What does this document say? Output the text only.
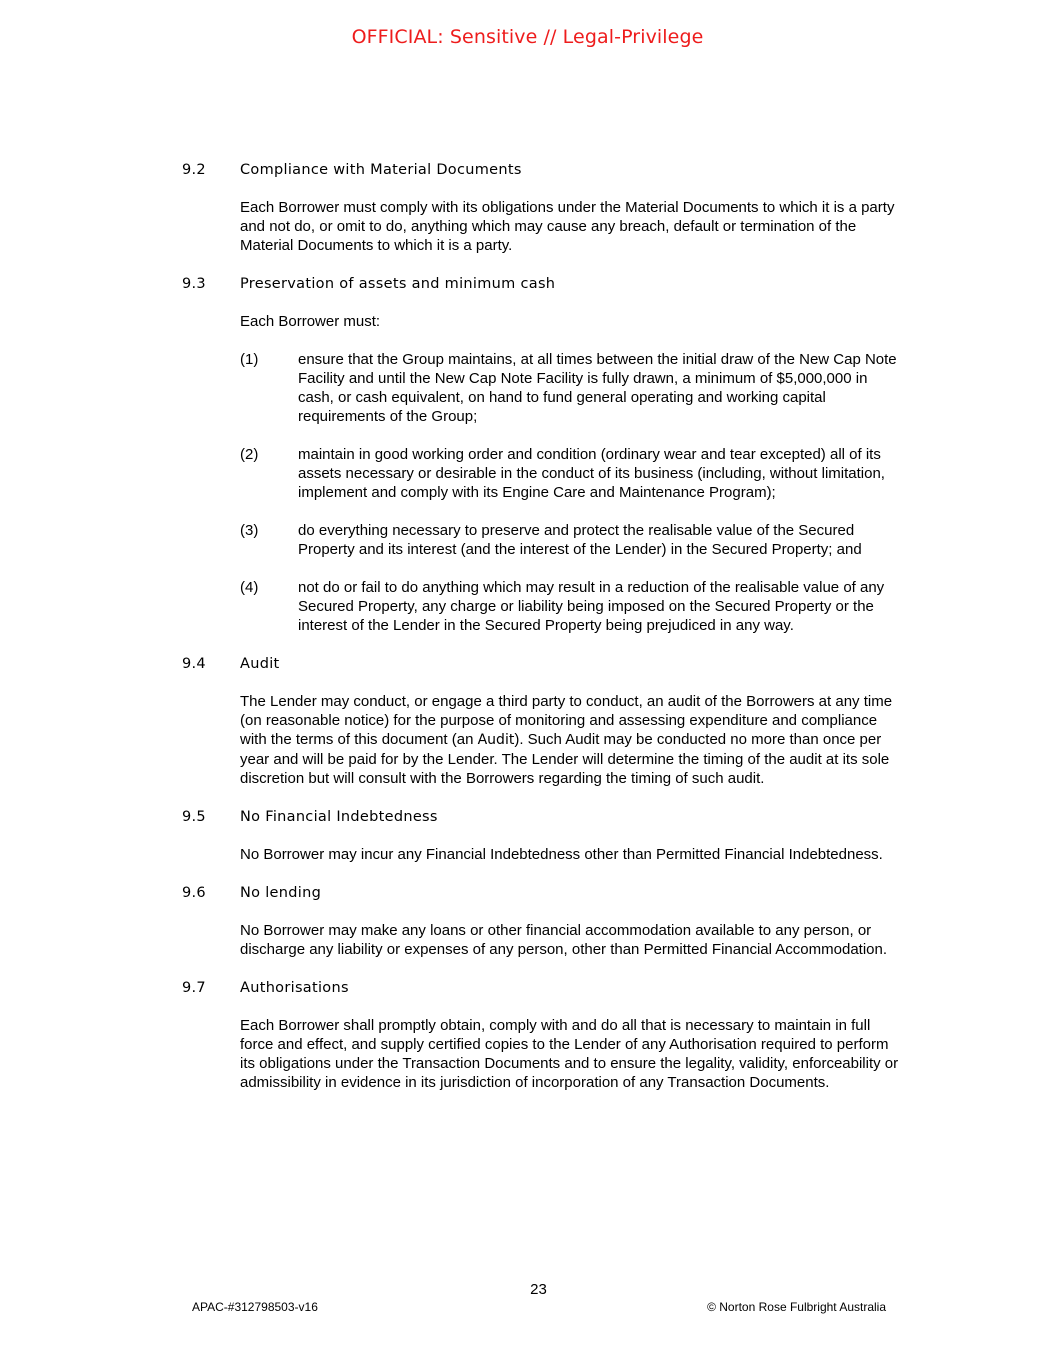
OFFICIAL: Sensitive // Legal-Privilege
9.2	Compliance with Material Documents
Each Borrower must comply with its obligations under the Material Documents to which it is a party and not do, or omit to do, anything which may cause any breach, default or termination of the Material Documents to which it is a party.
9.3	Preservation of assets and minimum cash
Each Borrower must:
(1)	ensure that the Group maintains, at all times between the initial draw of the New Cap Note Facility and until the New Cap Note Facility is fully drawn, a minimum of $5,000,000 in cash, or cash equivalent, on hand to fund general operating and working capital requirements of the Group;
(2)	maintain in good working order and condition (ordinary wear and tear excepted) all of its assets necessary or desirable in the conduct of its business (including, without limitation, implement and comply with its Engine Care and Maintenance Program);
(3)	do everything necessary to preserve and protect the realisable value of the Secured Property and its interest (and the interest of the Lender) in the Secured Property; and
(4)	not do or fail to do anything which may result in a reduction of the realisable value of any Secured Property, any charge or liability being imposed on the Secured Property or the interest of the Lender in the Secured Property being prejudiced in any way.
9.4	Audit
The Lender may conduct, or engage a third party to conduct, an audit of the Borrowers at any time (on reasonable notice) for the purpose of monitoring and assessing expenditure and compliance with the terms of this document (an Audit). Such Audit may be conducted no more than once per year and will be paid for by the Lender. The Lender will determine the timing of the audit at its sole discretion but will consult with the Borrowers regarding the timing of such audit.
9.5	No Financial Indebtedness
No Borrower may incur any Financial Indebtedness other than Permitted Financial Indebtedness.
9.6	No lending
No Borrower may make any loans or other financial accommodation available to any person, or discharge any liability or expenses of any person, other than Permitted Financial Accommodation.
9.7	Authorisations
Each Borrower shall promptly obtain, comply with and do all that is necessary to maintain in full force and effect, and supply certified copies to the Lender of any Authorisation required to perform its obligations under the Transaction Documents and to ensure the legality, validity, enforceability or admissibility in evidence in its jurisdiction of incorporation of any Transaction Documents.
23
APAC-#312798503-v16	© Norton Rose Fulbright Australia
